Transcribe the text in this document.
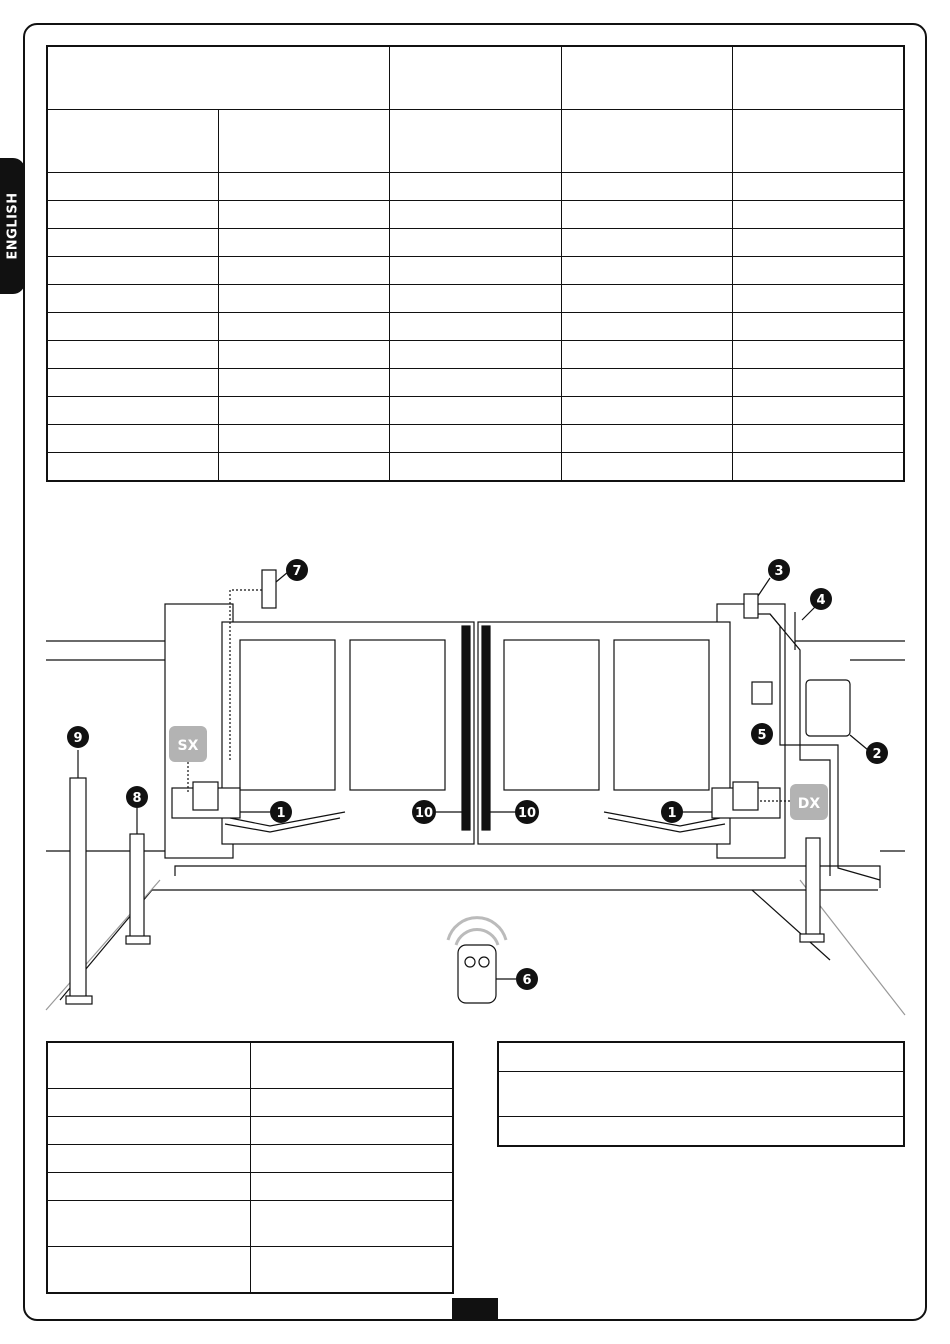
ENGLISH

SX
DX
1	1
2
3
4
5
6
7
8
9
10	10
